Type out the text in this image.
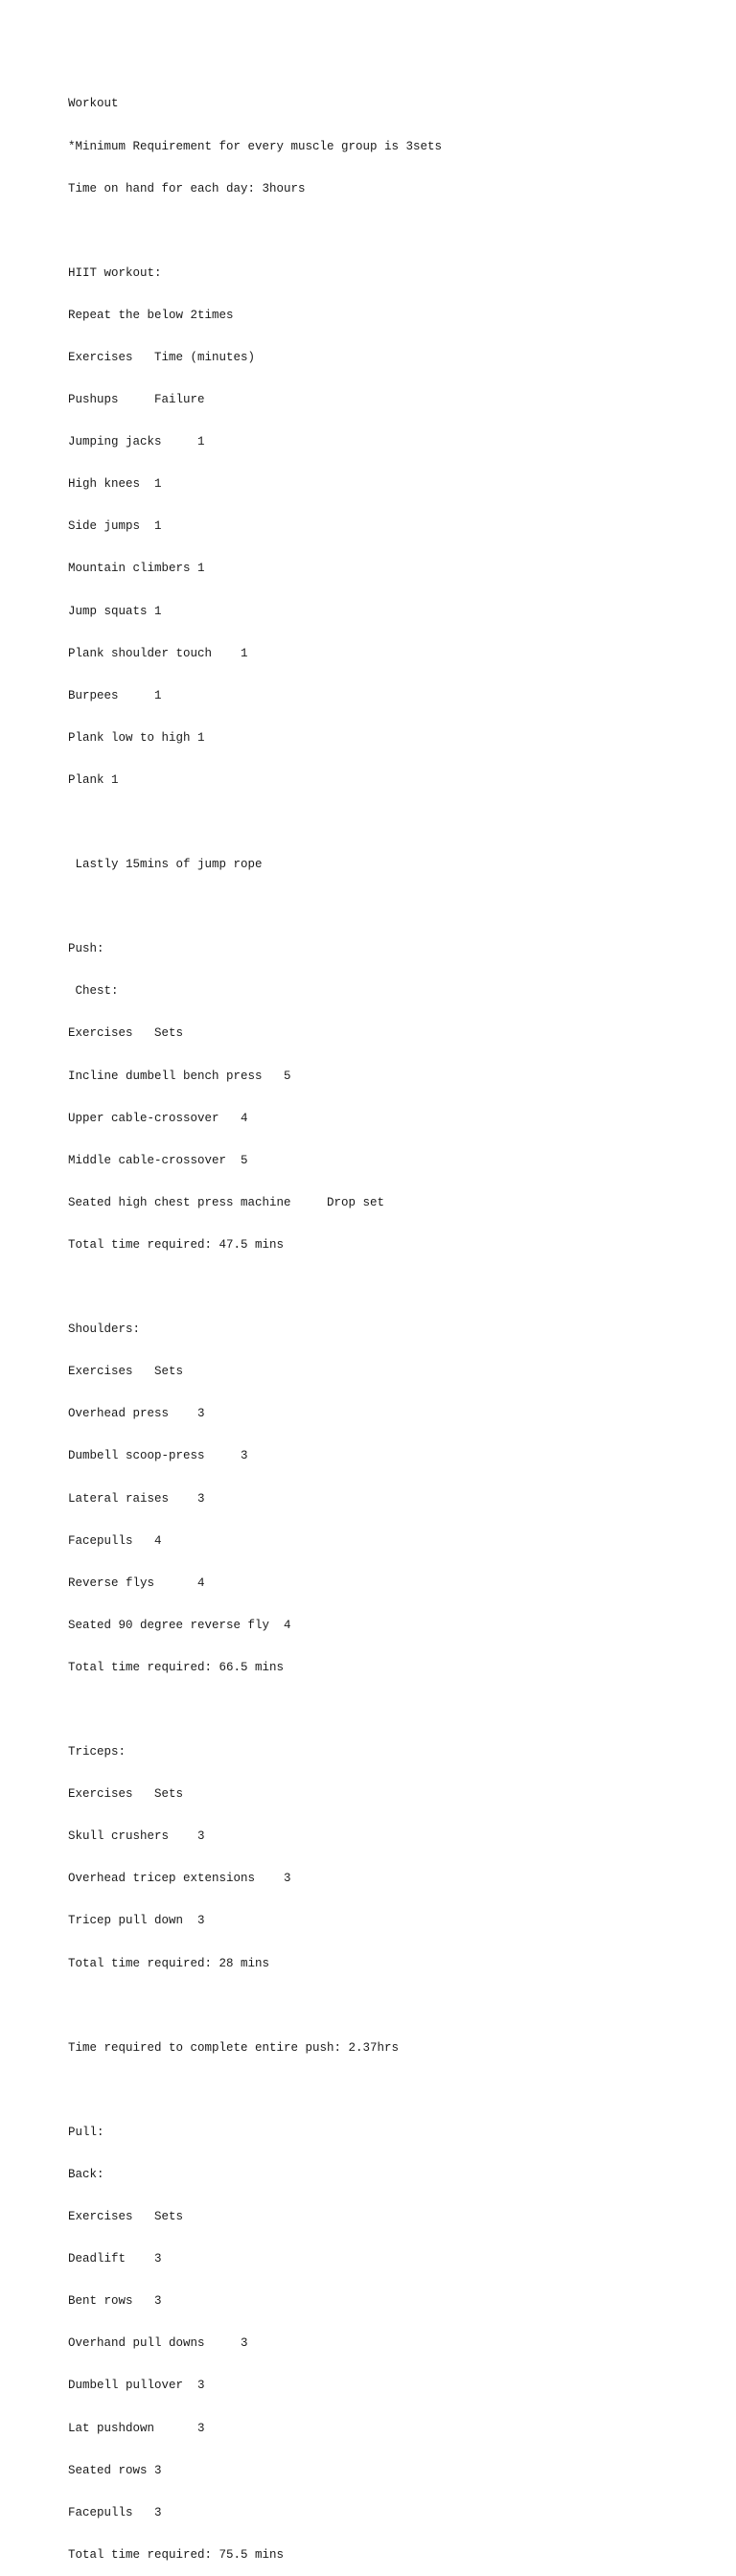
Workout

*Minimum Requirement for every muscle group is 3sets

Time on hand for each day: 3hours

HIIT workout:

Repeat the below 2times

Exercises   Time (minutes)

Pushups     Failure

Jumping jacks     1

High knees  1

Side jumps  1

Mountain climbers 1

Jump squats 1

Plank shoulder touch    1

Burpees     1

Plank low to high 1

Plank 1

Lastly 15mins of jump rope

Push:

Chest:

Exercises   Sets

Incline dumbell bench press   5

Upper cable-crossover   4

Middle cable-crossover  5

Seated high chest press machine     Drop set

Total time required: 47.5 mins

Shoulders:

Exercises   Sets

Overhead press    3

Dumbell scoop-press     3

Lateral raises    3

Facepulls   4

Reverse flys      4

Seated 90 degree reverse fly  4

Total time required: 66.5 mins

Triceps:

Exercises   Sets

Skull crushers    3

Overhead tricep extensions    3

Tricep pull down  3

Total time required: 28 mins

Time required to complete entire push: 2.37hrs

Pull:

Back:

Exercises   Sets

Deadlift    3

Bent rows   3

Overhand pull downs     3

Dumbell pullover  3

Lat pushdown      3

Seated rows 3

Facepulls   3

Total time required: 75.5 mins
